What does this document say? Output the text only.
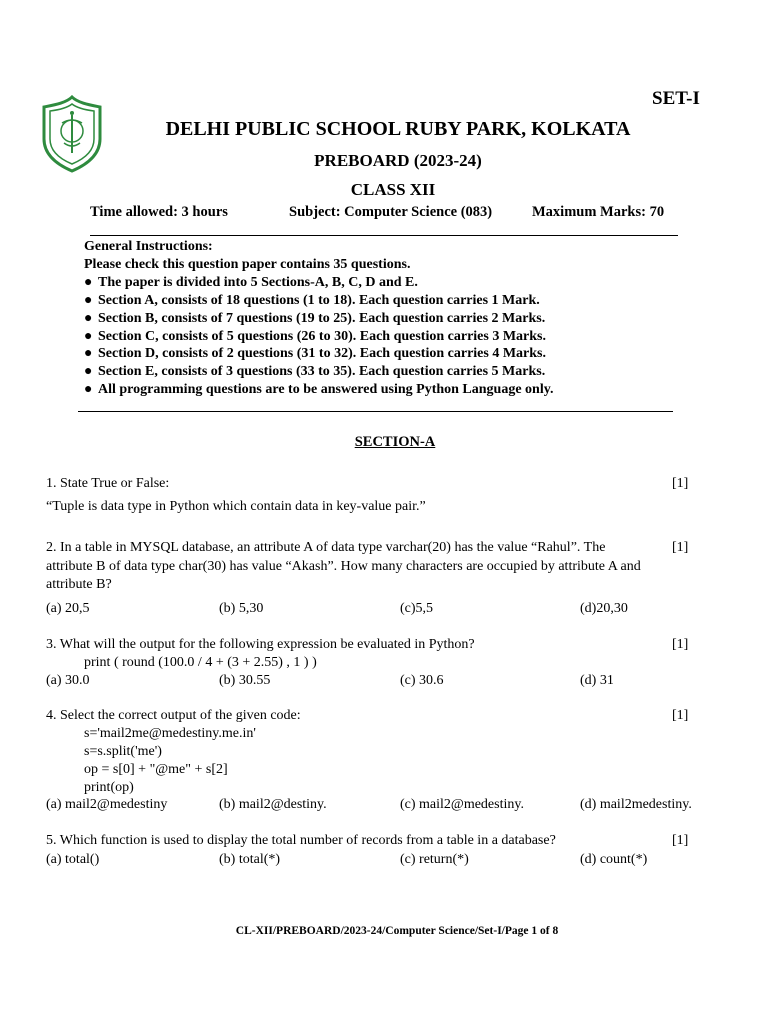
SET-I
DELHI PUBLIC SCHOOL RUBY PARK, KOLKATA
PREBOARD (2023-24)
CLASS XII
Time allowed: 3 hours	Subject: Computer Science (083)	Maximum Marks: 70
General Instructions:
Please check this question paper contains 35 questions.
● The paper is divided into 5 Sections-A, B, C, D and E.
● Section A, consists of 18 questions (1 to 18). Each question carries 1 Mark.
● Section B, consists of 7 questions (19 to 25). Each question carries 2 Marks.
● Section C, consists of 5 questions (26 to 30). Each question carries 3 Marks.
● Section D, consists of 2 questions (31 to 32). Each question carries 4 Marks.
● Section E, consists of 3 questions (33 to 35). Each question carries 5 Marks.
● All programming questions are to be answered using Python Language only.
SECTION-A
1. State True or False:	[1]
“Tuple is data type in Python which contain data in key-value pair.”
2. In a table in MYSQL database, an attribute A of data type varchar(20) has the value “Rahul”. The	[1]
attribute B of data type char(30) has value “Akash”. How many characters are occupied by attribute A and
attribute B?
(a) 20,5	(b) 5,30	(c)5,5	(d)20,30
3. What will the output for the following expression be evaluated in Python?	[1]
print ( round (100.0 / 4 + (3 + 2.55) , 1 ) )
(a) 30.0	(b) 30.55	(c) 30.6	(d) 31
4. Select the correct output of the given code:	[1]
s='mail2me@medestiny.me.in'
s=s.split('me')
op = s[0] + "@me" + s[2]
print(op)
(a) mail2@medestiny	(b) mail2@destiny.	(c) mail2@medestiny.	(d) mail2medestiny.
5. Which function is used to display the total number of records from a table in a database?	[1]
(a) total()	(b) total(*)	(c) return(*)	(d) count(*)
CL-XII/PREBOARD/2023-24/Computer Science/Set-I/Page 1 of 8
